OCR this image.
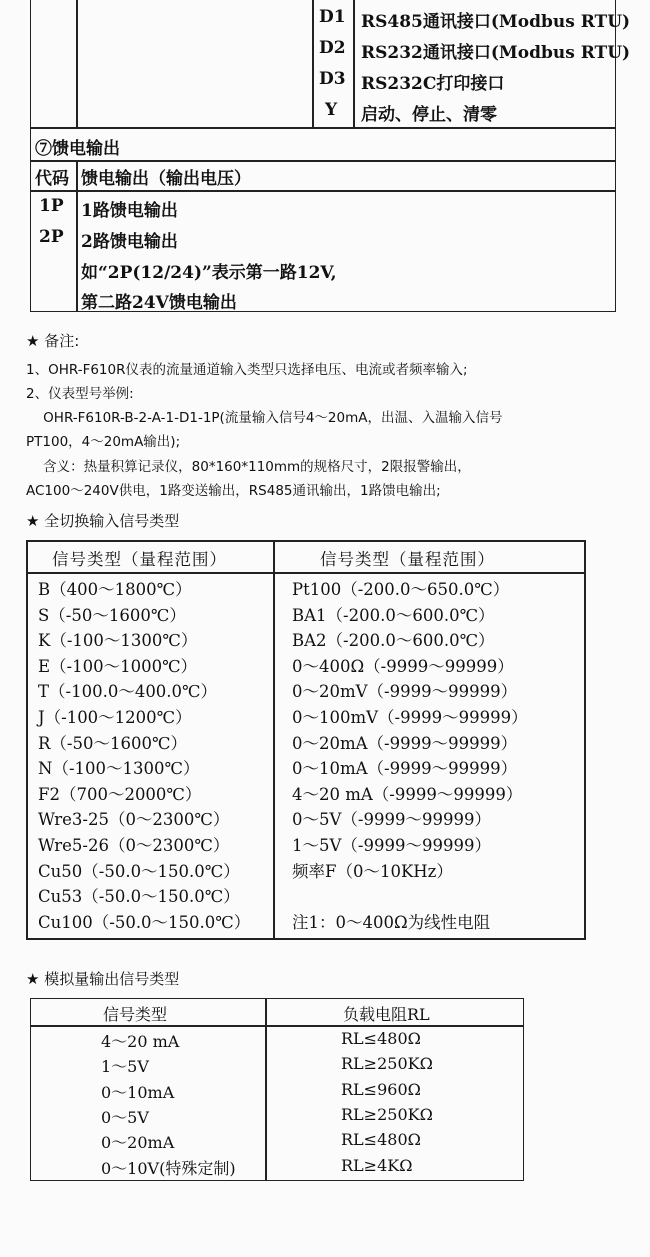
D1 RS485通讯接口(Modbus RTU)
D2 RS232通讯接口(Modbus RTU)
D3 RS232C打印接口
Y 启动、停止、清零
⑦馈电输出
代码 馈电输出（输出电压）
1P 1路馈电输出
2P 2路馈电输出
如“2P(12/24)”表示第一路12V,
第二路24V馈电输出
★ 备注:
1、OHR-F610R仪表的流量通道输入类型只选择电压、电流或者频率输入;
2、仪表型号举例:
OHR-F610R-B-2-A-1-D1-1P(流量输入信号4～20mA，出温、入温输入信号
PT100，4～20mA输出);
含义：热量积算记录仪，80*160*110mm的规格尺寸，2限报警输出，
AC100～240V供电，1路变送输出，RS485通讯输出，1路馈电输出;
★ 全切换输入信号类型
信号类型（量程范围）	信号类型（量程范围）
B（400～1800℃）
S（-50～1600℃）
K（-100～1300℃）
E（-100～1000℃）
T（-100.0～400.0℃）
J（-100～1200℃）
R（-50～1600℃）
N（-100～1300℃）
F2（700～2000℃）
Wre3-25（0～2300℃）
Wre5-26（0～2300℃）
Cu50（-50.0～150.0℃）
Cu53（-50.0～150.0℃）
Cu100（-50.0～150.0℃）
Pt100（-200.0～650.0℃）
BA1（-200.0～600.0℃）
BA2（-200.0～600.0℃）
0～400Ω（-9999～99999）
0～20mV（-9999～99999）
0～100mV（-9999～99999）
0～20mA（-9999～99999）
0～10mA（-9999～99999）
4～20 mA（-9999～99999）
0～5V（-9999～99999）
1～5V（-9999～99999）
频率F（0～10KHz）
注1：0～400Ω为线性电阻
★ 模拟量输出信号类型
信号类型	负载电阻RL
4～20 mA
1～5V
0～10mA
0～5V
0～20mA
0～10V(特殊定制)
RL≤480Ω
RL≥250KΩ
RL≤960Ω
RL≥250KΩ
RL≤480Ω
RL≥4KΩ
